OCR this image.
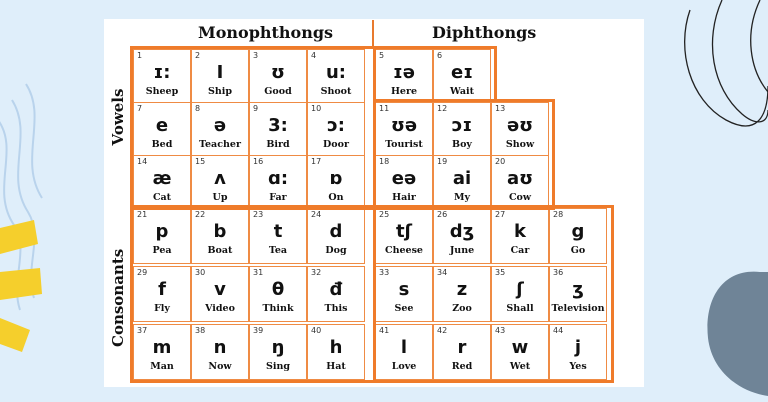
Monophthongs	Diphthongs
Vowels
Consonants
1
ɪ:
Sheep
2
I
Ship
3
ʊ
Good
4
u:
Shoot
5
ɪə
Here
6
eɪ
Wait
7
e
Bed
8
ə
Teacher
9
3:
Bird
10
ɔ:
Door
11
ʊə
Tourist
12
ɔɪ
Boy
13
əʊ
Show
14
æ
Cat
15
ʌ
Up
16
ɑ:
Far
17
ɒ
On
18
eə
Hair
19
ai
My
20
aʊ
Cow
21
p
Pea
22
b
Boat
23
t
Tea
24
d
Dog
25
tʃ
Cheese
26
dʒ
June
27
k
Car
28
g
Go
29
f
Fly
30
v
Video
31
θ
Think
32
đ
This
33
s
See
34
z
Zoo
35
ʃ
Shall
36
ʒ
Television
37
m
Man
38
n
Now
39
ŋ
Sing
40
h
Hat
41
l
Love
42
r
Red
43
w
Wet
44
j
Yes
